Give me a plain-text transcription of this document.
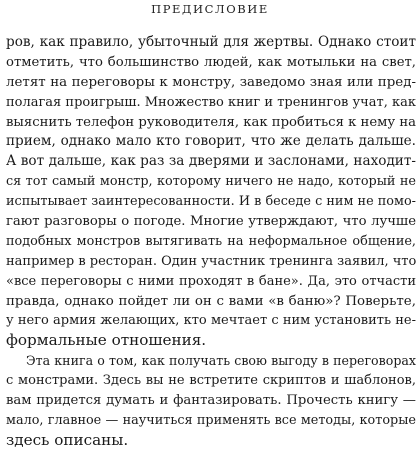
ПРЕДИСЛОВИЕ
ров, как правило, убыточный для жертвы. Однако стоит
отметить, что большинство людей, как мотыльки на свет,
летят на переговоры к монстру, заведомо зная или пред-
полагая проигрыш. Множество книг и тренингов учат, как
выяснить телефон руководителя, как пробиться к нему на
прием, однако мало кто говорит, что же делать дальше.
А вот дальше, как раз за дверями и заслонами, находит-
ся тот самый монстр, которому ничего не надо, который не
испытывает заинтересованности. И в беседе с ним не помо-
гают разговоры о погоде. Многие утверждают, что лучше
подобных монстров вытягивать на неформальное общение,
например в ресторан. Один участник тренинга заявил, что
«все переговоры с ними проходят в бане». Да, это отчасти
правда, однако пойдет ли он с вами «в баню»? Поверьте,
у него армия желающих, кто мечтает с ним установить не-
формальные отношения.
Эта книга о том, как получать свою выгоду в переговорах
с монстрами. Здесь вы не встретите скриптов и шаблонов,
вам придется думать и фантазировать. Прочесть книгу —
мало, главное — научиться применять все методы, которые
здесь описаны.
